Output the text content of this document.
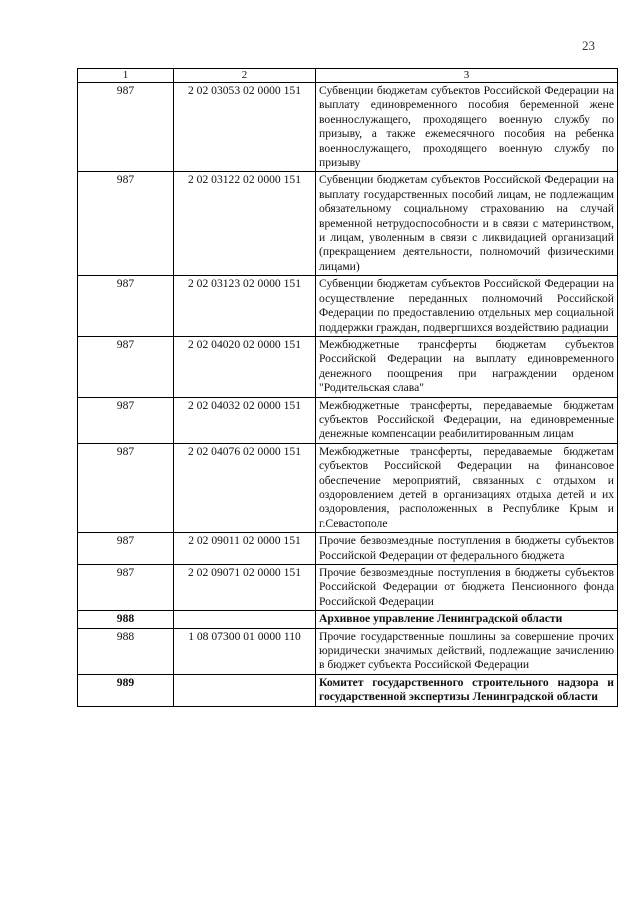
23
1	2	3
987	2 02 03053 02 0000 151	Субвенции бюджетам субъектов Российской Федерации на выплату единовременного пособия беременной жене военнослужащего, проходящего военную службу по призыву, а также ежемесячного пособия на ребенка военнослужащего, проходящего военную службу по призыву
987	2 02 03122 02 0000 151	Субвенции бюджетам субъектов Российской Федерации на выплату государственных пособий лицам, не подлежащим обязательному социальному страхованию на случай временной нетрудоспособности и в связи с материнством, и лицам, уволенным в связи с ликвидацией организаций (прекращением деятельности, полномочий физическими лицами)
987	2 02 03123 02 0000 151	Субвенции бюджетам субъектов Российской Федерации на осуществление переданных полномочий Российской Федерации по предоставлению отдельных мер социальной поддержки граждан, подвергшихся воздействию радиации
987	2 02 04020 02 0000 151	Межбюджетные трансферты бюджетам субъектов Российской Федерации на выплату единовременного денежного поощрения при награждении орденом "Родительская слава"
987	2 02 04032 02 0000 151	Межбюджетные трансферты, передаваемые бюджетам субъектов Российской Федерации, на единовременные денежные компенсации реабилитированным лицам
987	2 02 04076 02 0000 151	Межбюджетные трансферты, передаваемые бюджетам субъектов Российской Федерации на финансовое обеспечение мероприятий, связанных с отдыхом и оздоровлением детей в организациях отдыха детей и их оздоровления, расположенных в Республике Крым и г.Севастополе
987	2 02 09011 02 0000 151	Прочие безвозмездные поступления в бюджеты субъектов Российской Федерации от федерального бюджета
987	2 02 09071 02 0000 151	Прочие безвозмездные поступления в бюджеты субъектов Российской Федерации от бюджета Пенсионного фонда Российской Федерации
988		Архивное управление Ленинградской области
988	1 08 07300 01 0000 110	Прочие государственные пошлины за совершение прочих юридически значимых действий, подлежащие зачислению в бюджет субъекта Российской Федерации
989		Комитет государственного строительного надзора и государственной экспертизы Ленинградской области
